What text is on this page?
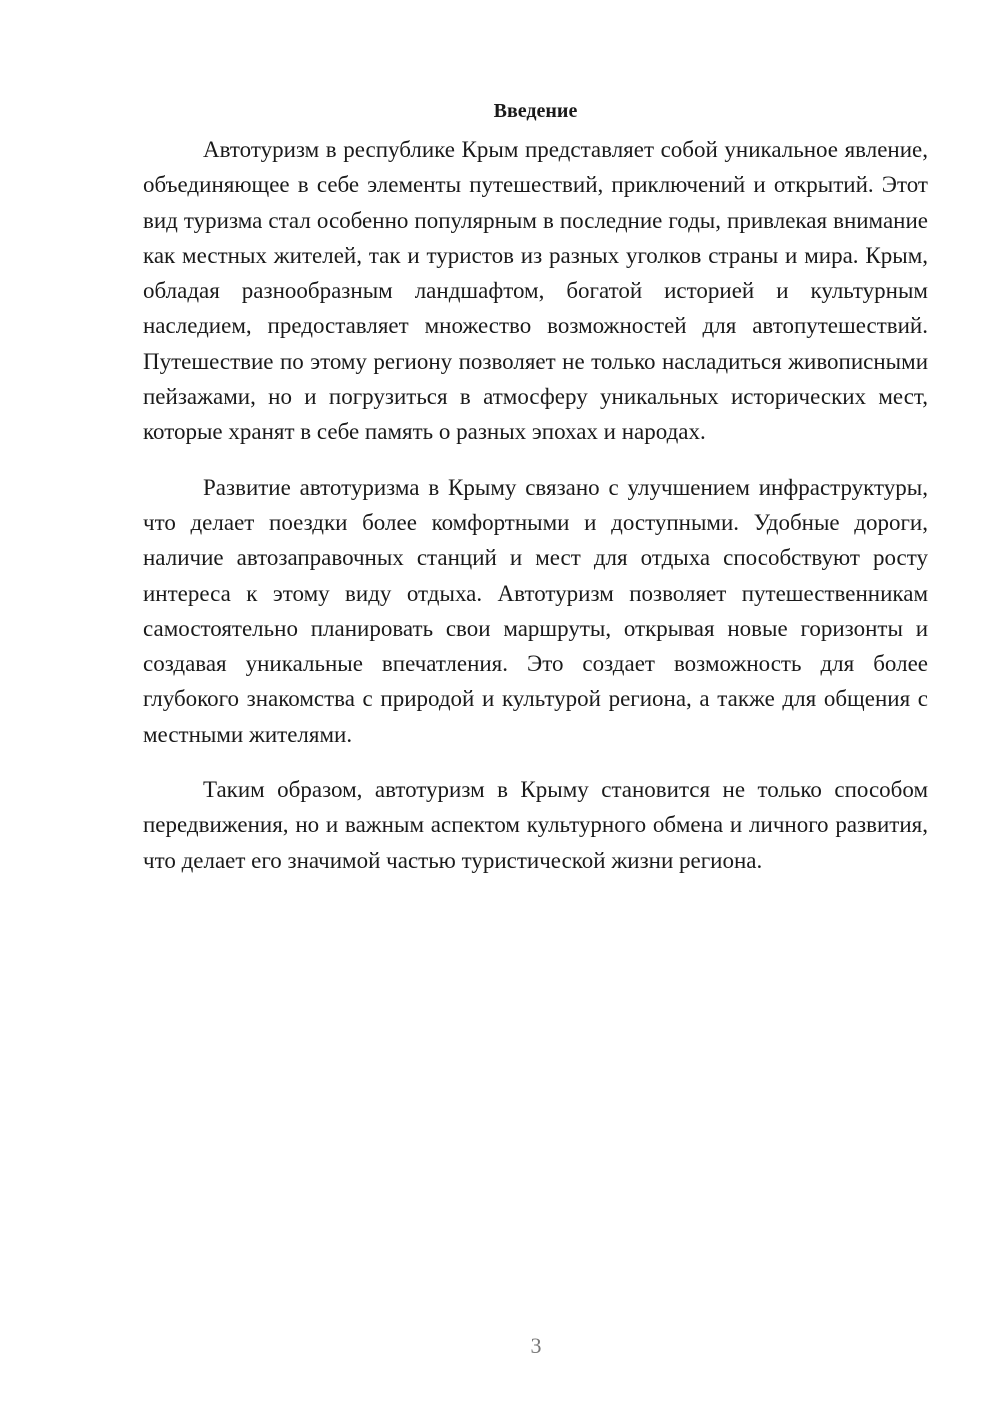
Введение

Автотуризм в республике Крым представляет собой уникальное явление, объединяющее в себе элементы путешествий, приключений и открытий. Этот вид туризма стал особенно популярным в последние годы, привлекая внимание как местных жителей, так и туристов из разных уголков страны и мира. Крым, обладая разнообразным ландшафтом, богатой историей и культурным наследием, предоставляет множество возможностей для автопутешествий. Путешествие по этому региону позволяет не только насладиться живописными пейзажами, но и погрузиться в атмосферу уникальных исторических мест, которые хранят в себе память о разных эпохах и народах.

Развитие автотуризма в Крыму связано с улучшением инфраструктуры, что делает поездки более комфортными и доступными. Удобные дороги, наличие автозаправочных станций и мест для отдыха способствуют росту интереса к этому виду отдыха. Автотуризм позволяет путешественникам самостоятельно планировать свои маршруты, открывая новые горизонты и создавая уникальные впечатления. Это создает возможность для более глубокого знакомства с природой и культурой региона, а также для общения с местными жителями.

Таким образом, автотуризм в Крыму становится не только способом передвижения, но и важным аспектом культурного обмена и личного развития, что делает его значимой частью туристической жизни региона.

3
